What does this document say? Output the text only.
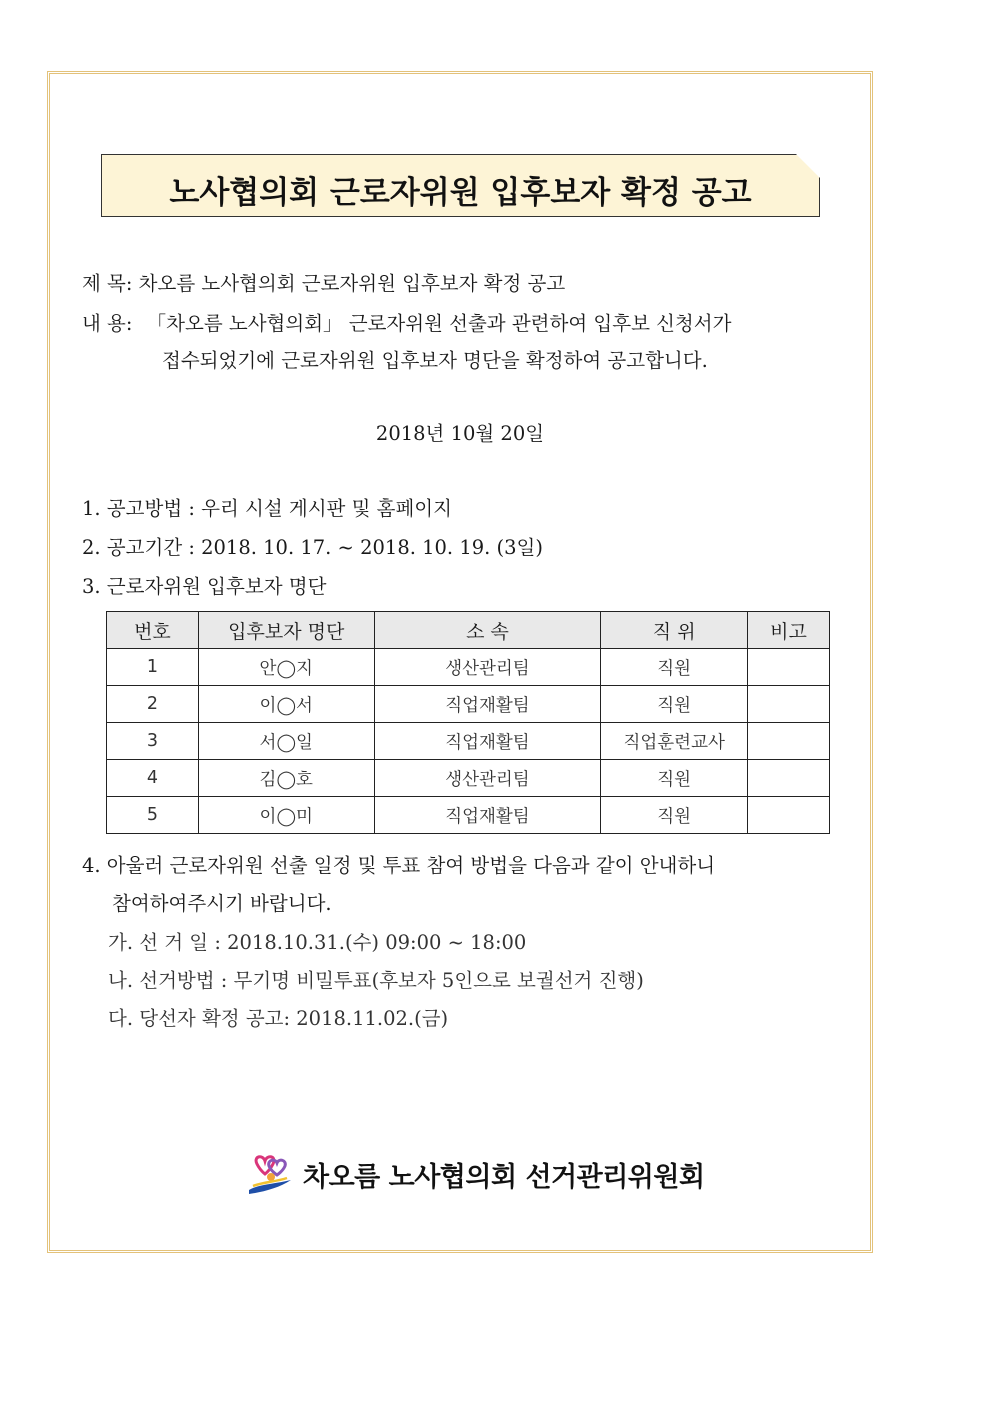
노사협의회 근로자위원 입후보자 확정 공고
제 목: 차오름 노사협의회 근로자위원 입후보자 확정 공고
내 용: 「차오름 노사협의회」 근로자위원 선출과 관련하여 입후보 신청서가
접수되었기에 근로자위원 입후보자 명단을 확정하여 공고합니다.
2018년 10월 20일
1. 공고방법 : 우리 시설 게시판 및 홈페이지
2. 공고기간 : 2018. 10. 17. ~ 2018. 10. 19. (3일)
3. 근로자위원 입후보자 명단
번호	입후보자 명단	소 속	직 위	비고
1	안◯지	생산관리팀	직원	
2	이◯서	직업재활팀	직원	
3	서◯일	직업재활팀	직업훈련교사	
4	김◯호	생산관리팀	직원	
5	이◯미	직업재활팀	직원	
4. 아울러 근로자위원 선출 일정 및 투표 참여 방법을 다음과 같이 안내하니
참여하여주시기 바랍니다.
가. 선 거 일 : 2018.10.31.(수) 09:00 ~ 18:00
나. 선거방법 : 무기명 비밀투표(후보자 5인으로 보궐선거 진행)
다. 당선자 확정 공고: 2018.11.02.(금)
차오름 노사협의회 선거관리위원회
